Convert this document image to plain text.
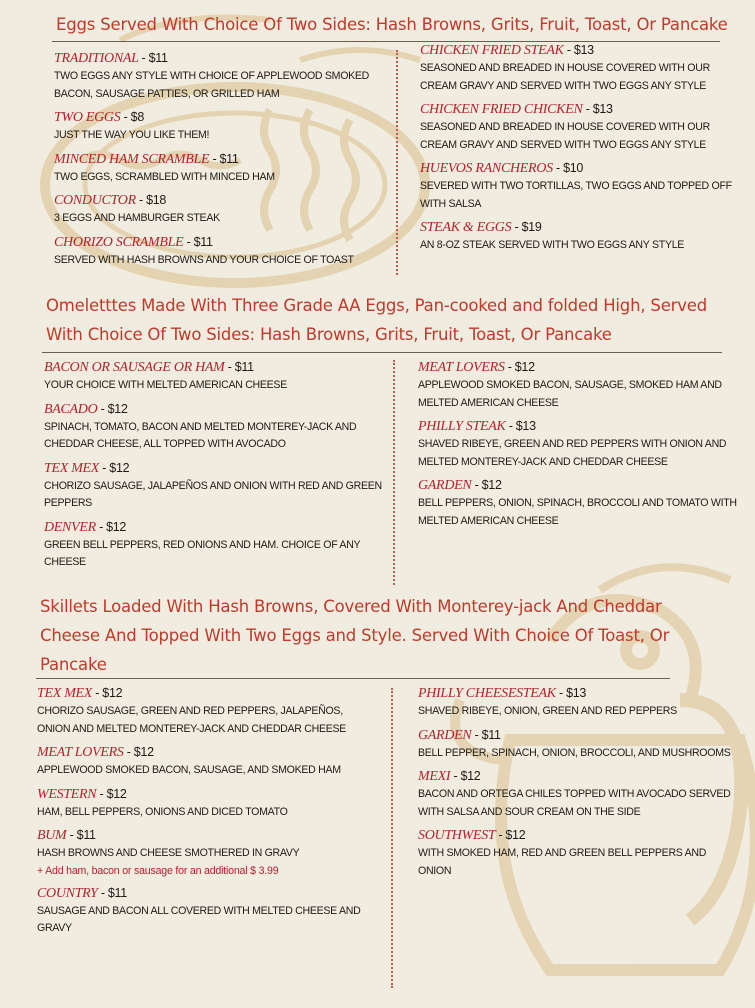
Eggs Served With Choice Of Two Sides: Hash Browns, Grits, Fruit, Toast, Or Pancake
TRADITIONAL - $11
TWO EGGS ANY STYLE WITH CHOICE OF APPLEWOOD SMOKED BACON, SAUSAGE PATTIES, OR GRILLED HAM
TWO EGGS - $8
JUST THE WAY YOU LIKE THEM!
MINCED HAM SCRAMBLE - $11
TWO EGGS, SCRAMBLED WITH MINCED HAM
CONDUCTOR - $18
3 EGGS AND HAMBURGER STEAK
CHORIZO SCRAMBLE - $11
SERVED WITH HASH BROWNS AND YOUR CHOICE OF TOAST
CHICKEN FRIED STEAK - $13
SEASONED AND BREADED IN HOUSE COVERED WITH OUR CREAM GRAVY AND SERVED WITH TWO EGGS ANY STYLE
CHICKEN FRIED CHICKEN - $13
SEASONED AND BREADED IN HOUSE COVERED WITH OUR CREAM GRAVY AND SERVED WITH TWO EGGS ANY STYLE
HUEVOS RANCHEROS - $10
SEVERED WITH TWO TORTILLAS, TWO EGGS AND TOPPED OFF WITH SALSA
STEAK & EGGS - $19
AN 8-OZ STEAK SERVED WITH TWO EGGS ANY STYLE
Omeletttes Made With Three Grade AA Eggs, Pan-cooked and folded High, Served
With Choice Of Two Sides: Hash Browns, Grits, Fruit, Toast, Or Pancake
BACON OR SAUSAGE OR HAM - $11
YOUR CHOICE WITH MELTED AMERICAN CHEESE
BACADO - $12
SPINACH, TOMATO, BACON AND MELTED MONTEREY-JACK AND CHEDDAR CHEESE, ALL TOPPED WITH AVOCADO
TEX MEX - $12
CHORIZO SAUSAGE, JALAPEÑOS AND ONION WITH RED AND GREEN PEPPERS
DENVER - $12
GREEN BELL PEPPERS, RED ONIONS AND HAM. CHOICE OF ANY CHEESE
MEAT LOVERS - $12
APPLEWOOD SMOKED BACON, SAUSAGE, SMOKED HAM AND MELTED AMERICAN CHEESE
PHILLY STEAK - $13
SHAVED RIBEYE, GREEN AND RED PEPPERS WITH ONION AND MELTED MONTEREY-JACK AND CHEDDAR CHEESE
GARDEN - $12
BELL PEPPERS, ONION, SPINACH, BROCCOLI AND TOMATO WITH MELTED AMERICAN CHEESE
Skillets Loaded With Hash Browns, Covered With Monterey-jack And Cheddar
Cheese And Topped With Two Eggs and Style. Served With Choice Of Toast, Or
Pancake
TEX MEX - $12
CHORIZO SAUSAGE, GREEN AND RED PEPPERS, JALAPEÑOS, ONION AND MELTED MONTEREY-JACK AND CHEDDAR CHEESE
MEAT LOVERS - $12
APPLEWOOD SMOKED BACON, SAUSAGE, AND SMOKED HAM
WESTERN - $12
HAM, BELL PEPPERS, ONIONS AND DICED TOMATO
BUM - $11
HASH BROWNS AND CHEESE SMOTHERED IN GRAVY
+ Add ham, bacon or sausage for an additional $ 3.99
COUNTRY - $11
SAUSAGE AND BACON ALL COVERED WITH MELTED CHEESE AND GRAVY
PHILLY CHEESESTEAK - $13
SHAVED RIBEYE, ONION, GREEN AND RED PEPPERS
GARDEN - $11
BELL PEPPER, SPINACH, ONION, BROCCOLI, AND MUSHROOMS
MEXI - $12
BACON AND ORTEGA CHILES TOPPED WITH AVOCADO SERVED WITH SALSA AND SOUR CREAM ON THE SIDE
SOUTHWEST - $12
WITH SMOKED HAM, RED AND GREEN BELL PEPPERS AND ONION
